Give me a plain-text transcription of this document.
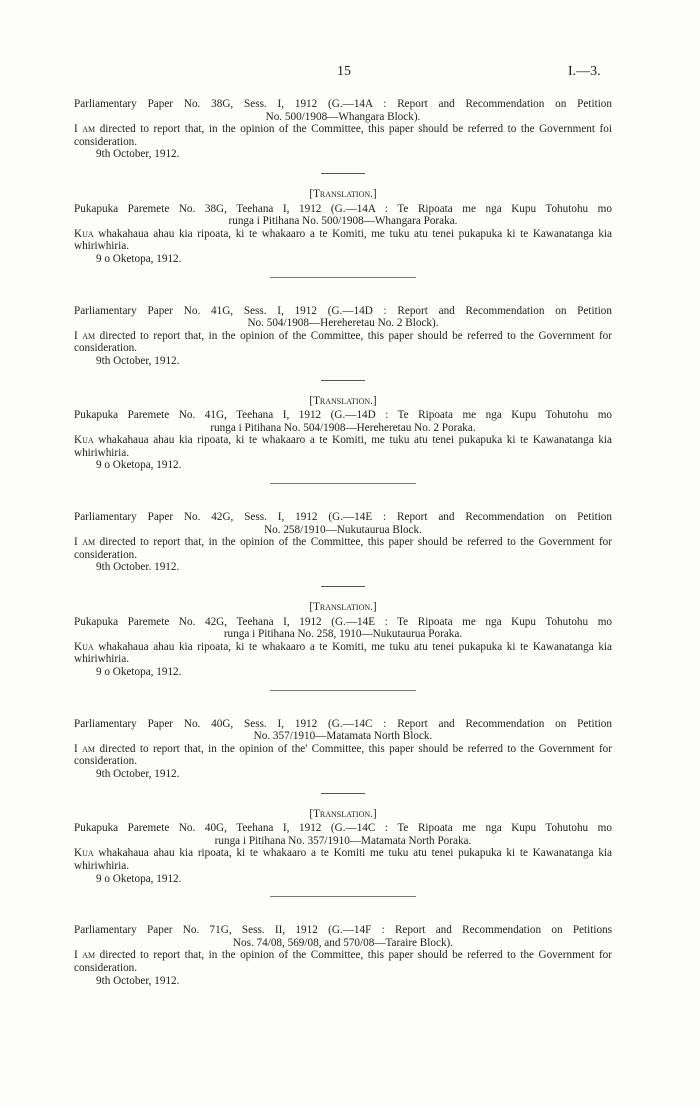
15	I.—3.
Parliamentary Paper No. 38G, Sess. I, 1912 (G.—14A : Report and Recommendation on Petition
No. 500/1908—Whangara Block).
I am directed to report that, in the opinion of the Committee, this paper should be referred to the Government foi consideration.
9th October, 1912.
[Translation.]
Pukapuka Paremete No. 38G, Teehana I, 1912 (G.—14A : Te Ripoata me nga Kupu Tohutohu mo
runga i Pitihana No. 500/1908—Whangara Poraka.
Kua whakahaua ahau kia ripoata, ki te whakaaro a te Komiti, me tuku atu tenei pukapuka ki te Kawanatanga kia whiriwhiria.
9 o Oketopa, 1912.
Parliamentary Paper No. 41G, Sess. I, 1912 (G.—14D : Report and Recommendation on Petition
No. 504/1908—Hereheretau No. 2 Block).
I am directed to report that, in the opinion of the Committee, this paper should be referred to the Government for consideration.
9th October, 1912.
[Translation.]
Pukapuka Paremete No. 41G, Teehana I, 1912 (G.—14D : Te Ripoata me nga Kupu Tohutohu mo
runga i Pitihana No. 504/1908—Hereheretau No. 2 Poraka.
Kua whakahaua ahau kia ripoata, ki te whakaaro a te Komiti, me tuku atu tenei pukapuka ki te Kawanatanga kia whiriwhiria.
9 o Oketopa, 1912.
Parliamentary Paper No. 42G, Sess. I, 1912 (G.—14E : Report and Recommendation on Petition
No. 258/1910—Nukutaurua Block.
I am directed to report that, in the opinion of the Committee, this paper should be referred to the Government for consideration.
9th October. 1912.
[Translation.]
Pukapuka Paremete No. 42G, Teehana I, 1912 (G.—14E : Te Ripoata me nga Kupu Tohutohu mo
runga i Pitihana No. 258, 1910—Nukutaurua Poraka.
Kua whakahaua ahau kia ripoata, ki te whakaaro a te Komiti, me tuku atu tenei pukapuka ki te Kawanatanga kia whiriwhiria.
9 o Oketopa, 1912.
Parliamentary Paper No. 40G, Sess. I, 1912 (G.—14C : Report and Recommendation on Petition
No. 357/1910—Matamata North Block.
I am directed to report that, in the opinion of the' Committee, this paper should be referred to the Government for consideration.
9th October, 1912.
[Translation.]
Pukapuka Paremete No. 40G, Teehana I, 1912 (G.—14C : Te Ripoata me nga Kupu Tohutohu mo
runga i Pitihana No. 357/1910—Matamata North Poraka.
Kua whakahaua ahau kia ripoata, ki te whakaaro a te Komiti me tuku atu tenei pukapuka ki te Kawanatanga kia whiriwhiria.
9 o Oketopa, 1912.
Parliamentary Paper No. 71G, Sess. II, 1912 (G.—14F : Report and Recommendation on Petitions
Nos. 74/08, 569/08, and 570/08—Taraire Block).
I am directed to report that, in the opinion of the Committee, this paper should be referred to the Government for consideration.
9th October, 1912.
